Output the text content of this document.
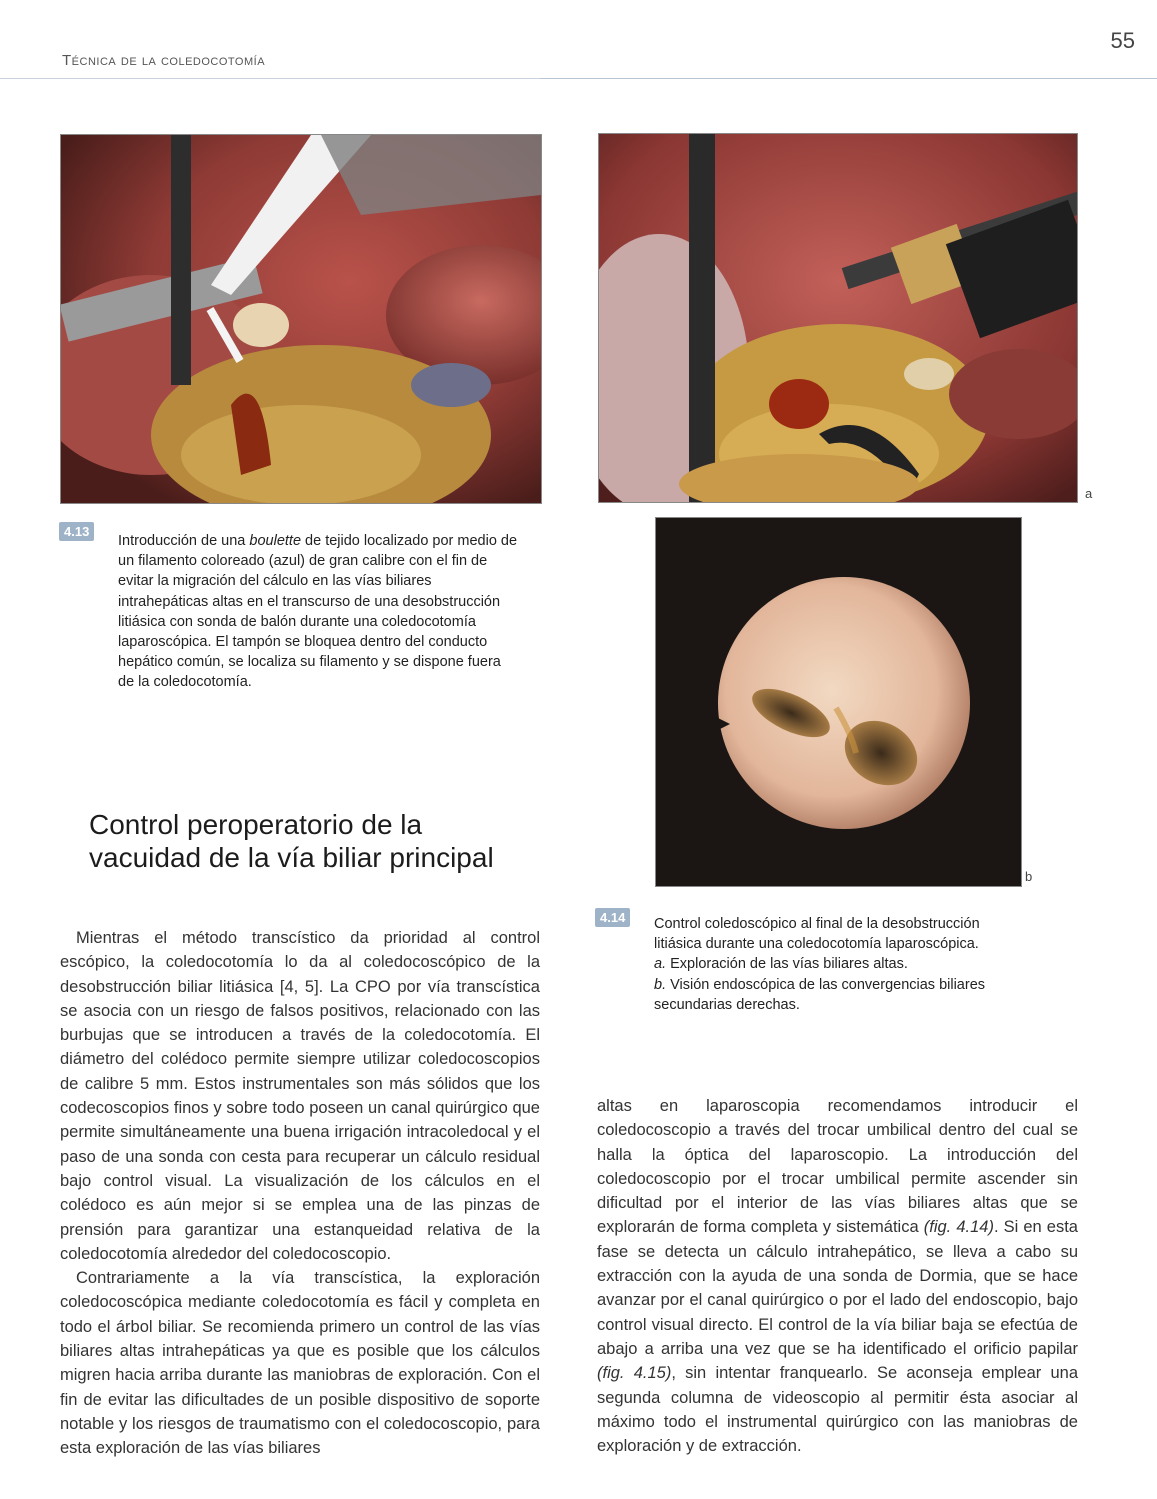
Técnica de la coledocotomía
55
a
b
4.13

Introducción de una boulette de tejido localizado por medio de un filamento coloreado (azul) de gran calibre con el fin de evitar la migración del cálculo en las vías biliares intrahepáticas altas en el transcurso de una desobstrucción litiásica con sonda de balón durante una coledocotomía laparoscópica. El tampón se bloquea dentro del conducto hepático común, se localiza su filamento y se dispone fuera de la coledocotomía.

4.14	Control coledoscópico al final de la desobstrucción litiásica durante una coledocotomía laparoscópica.

a. Exploración de las vías biliares altas.

b. Visión endoscópica de las convergencias biliares secundarias derechas.

Control peroperatorio de la vacuidad de la vía biliar principal

Mientras el método transcístico da prioridad al control escópico, la coledocotomía lo da al coledocoscópico de la desobstrucción biliar litiásica [4, 5]. La CPO por vía transcística se asocia con un riesgo de falsos positivos, relacionado con las burbujas que se introducen a través de la coledocotomía. El diámetro del colédoco permite siempre utilizar coledocoscopios de calibre 5 mm. Estos instrumentales son más sólidos que los codecoscopios finos y sobre todo poseen un canal quirúrgico que permite simultáneamente una buena irrigación intracoledocal y el paso de una sonda con cesta para recuperar un cálculo residual bajo control visual. La visualización de los cálculos en el colédoco es aún mejor si se emplea una de las pinzas de prensión para garantizar una estanqueidad relativa de la coledocotomía alrededor del coledocoscopio.

Contrariamente a la vía transcística, la exploración coledocoscópica mediante coledocotomía es fácil y completa en todo el árbol biliar. Se recomienda primero un control de las vías biliares altas intrahepáticas ya que es posible que los cálculos migren hacia arriba durante las maniobras de exploración. Con el fin de evitar las dificultades de un posible dispositivo de soporte notable y los riesgos de traumatismo con el coledocoscopio, para esta exploración de las vías biliares

altas en laparoscopia recomendamos introducir el coledocoscopio a través del trocar umbilical dentro del cual se halla la óptica del laparoscopio. La introducción del coledocoscopio por el trocar umbilical permite ascender sin dificultad por el interior de las vías biliares altas que se explorarán de forma completa y sistemática (fig. 4.14). Si en esta fase se detecta un cálculo intrahepático, se lleva a cabo su extracción con la ayuda de una sonda de Dormia, que se hace avanzar por el canal quirúrgico o por el lado del endoscopio, bajo control visual directo. El control de la vía biliar baja se efectúa de abajo a arriba una vez que se ha identificado el orificio papilar (fig. 4.15), sin intentar franquearlo. Se aconseja emplear una segunda columna de videoscopio al permitir ésta asociar al máximo todo el instrumental quirúrgico con las maniobras de exploración y de extracción.
